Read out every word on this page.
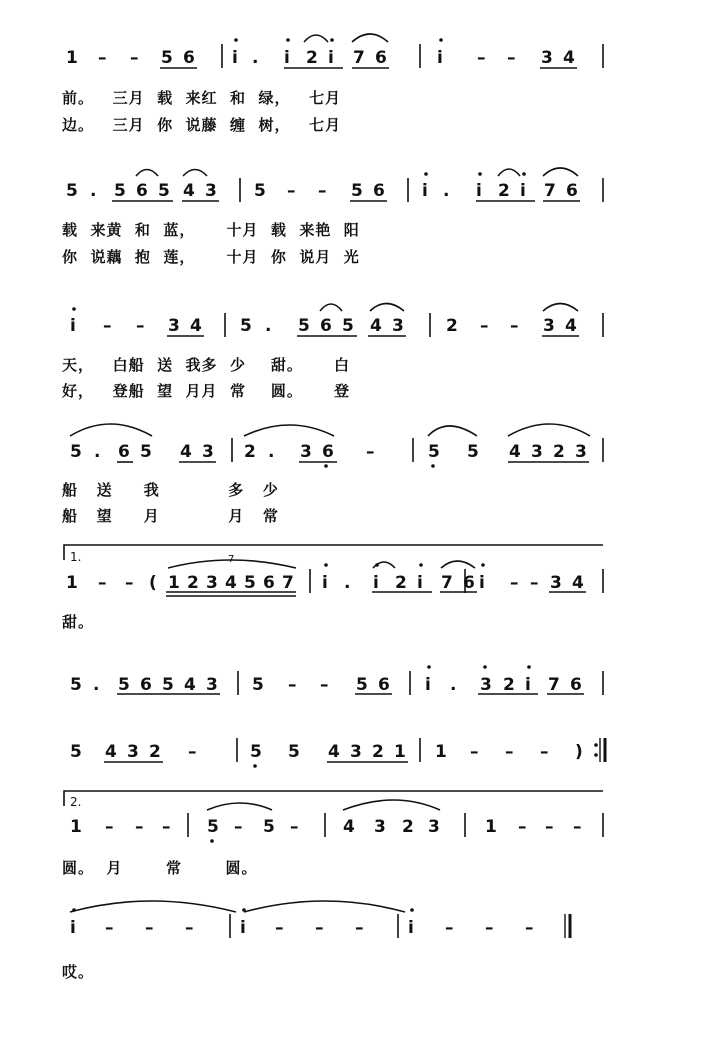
前。   三月  载  来红  和  绿，   七月
边。   三月  你  说藤  缠  树，   七月
载  来黄  和  蓝，     十月  载  来艳  阳
你  说藕  抱  莲，     十月  你  说月  光
天，   白船  送  我多  少    甜。     白
好，   登船  望  月月  常    圆。     登
船   送     我           多   少
船   望     月           月   常
甜。
圆。  月       常       圆。
哎。
1 – – 5 6 i . i 2 i 7 6	i – – 3 4
5 . 5 6 5 4 3 5 – – 5 6 i . i 2 i 7 6
i – – 3 4 5 . 5 6 5 4 3 2 – – 3 4
5 . 6 5 4 3 2 . 3 6 –	5 5 4 3 2 3
1 – – ( 1 2 3 4 5 6 7 i . i 2 i 7 6 i – – 3 4
5 . 5 6 5 4 3 5 – – 5 6 i . 3 2 i 7 6
5 4 3 2 –	5 5 4 3 2 1 1 – – – )
1 – – – 5 – 5 –	4 3 2 3	1 – – –
i – – –	i – – –	i – – –
1.
2.
7
